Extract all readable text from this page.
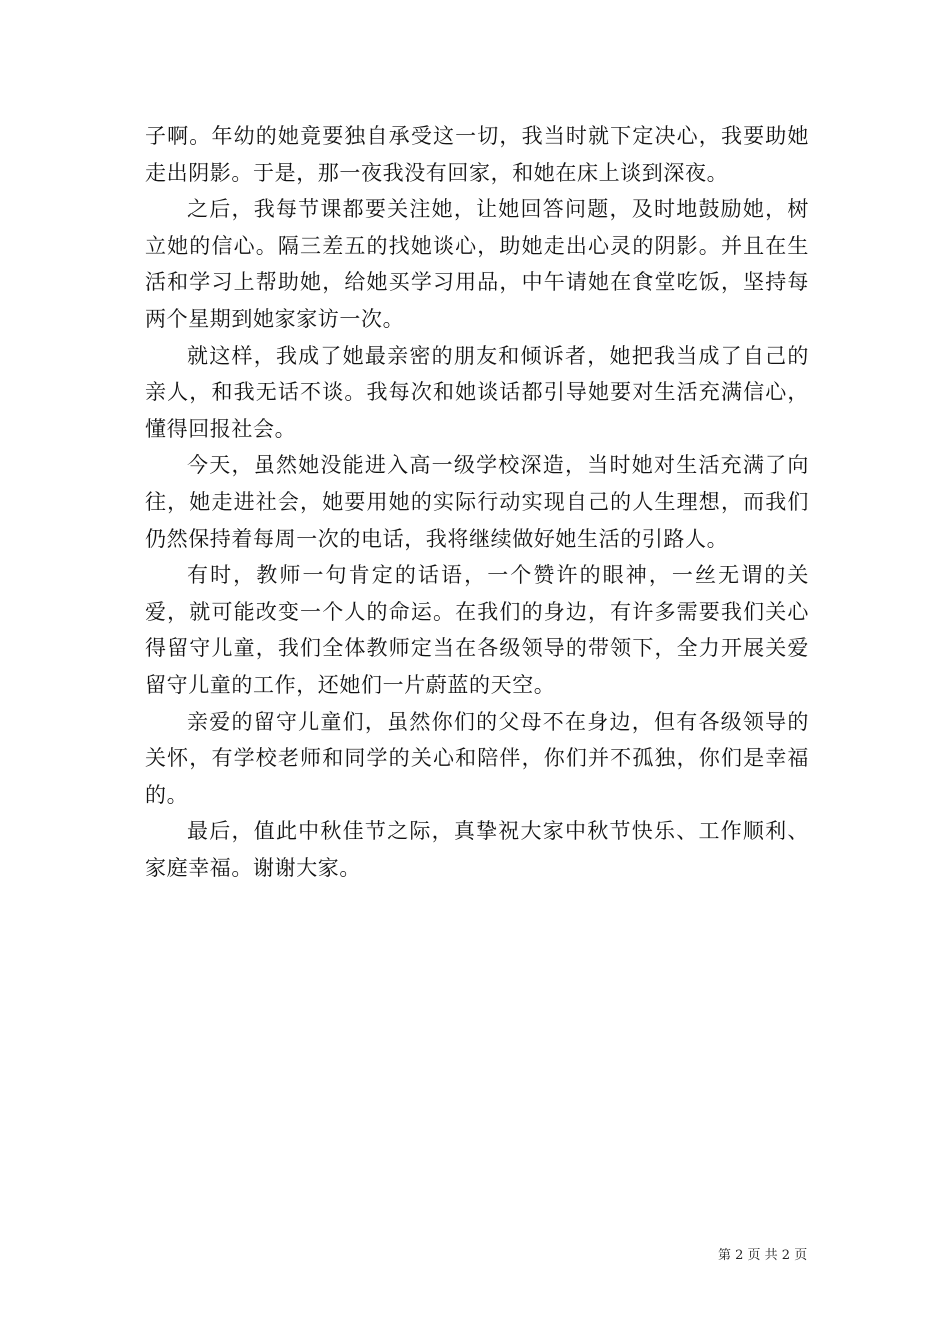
子啊。年幼的她竟要独自承受这一切，我当时就下定决心，我要助她走出阴影。于是，那一夜我没有回家，和她在床上谈到深夜。

之后，我每节课都要关注她，让她回答问题，及时地鼓励她，树立她的信心。隔三差五的找她谈心，助她走出心灵的阴影。并且在生活和学习上帮助她，给她买学习用品，中午请她在食堂吃饭，坚持每两个星期到她家家访一次。

就这样，我成了她最亲密的朋友和倾诉者，她把我当成了自己的亲人，和我无话不谈。我每次和她谈话都引导她要对生活充满信心，懂得回报社会。

今天，虽然她没能进入高一级学校深造，当时她对生活充满了向往，她走进社会，她要用她的实际行动实现自己的人生理想，而我们仍然保持着每周一次的电话，我将继续做好她生活的引路人。

有时，教师一句肯定的话语，一个赞许的眼神，一丝无谓的关爱，就可能改变一个人的命运。在我们的身边，有许多需要我们关心得留守儿童，我们全体教师定当在各级领导的带领下，全力开展关爱留守儿童的工作，还她们一片蔚蓝的天空。

亲爱的留守儿童们，虽然你们的父母不在身边，但有各级领导的关怀，有学校老师和同学的关心和陪伴，你们并不孤独，你们是幸福的。

最后，值此中秋佳节之际，真挚祝大家中秋节快乐、工作顺利、家庭幸福。谢谢大家。

第 2 页 共 2 页
